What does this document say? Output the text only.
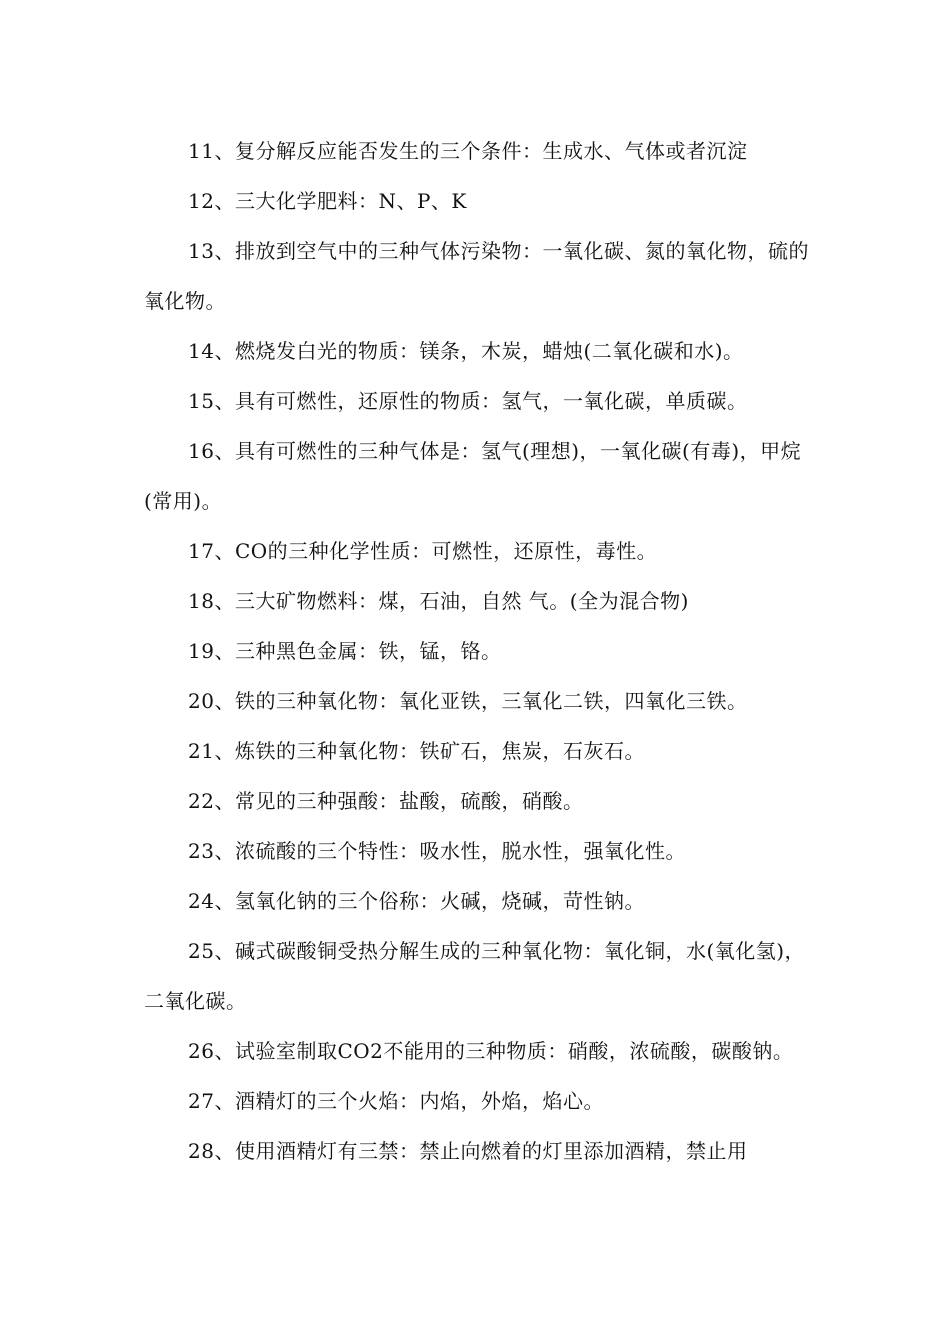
11、复分解反应能否发生的三个条件：生成水、气体或者沉淀

12、三大化学肥料：N、P、K

13、排放到空气中的三种气体污染物：一氧化碳、氮的氧化物，硫的氧化物。

14、燃烧发白光的物质：镁条，木炭，蜡烛(二氧化碳和水)。

15、具有可燃性，还原性的物质：氢气，一氧化碳，单质碳。

16、具有可燃性的三种气体是：氢气(理想)，一氧化碳(有毒)，甲烷(常用)。

17、CO的三种化学性质：可燃性，还原性，毒性。

18、三大矿物燃料：煤，石油，自然 气。(全为混合物)

19、三种黑色金属：铁，锰，铬。

20、铁的三种氧化物：氧化亚铁，三氧化二铁，四氧化三铁。

21、炼铁的三种氧化物：铁矿石，焦炭，石灰石。

22、常见的三种强酸：盐酸，硫酸，硝酸。

23、浓硫酸的三个特性：吸水性，脱水性，强氧化性。

24、氢氧化钠的三个俗称：火碱，烧碱，苛性钠。

25、碱式碳酸铜受热分解生成的三种氧化物：氧化铜，水(氧化氢)，二氧化碳。

26、试验室制取CO2不能用的三种物质：硝酸，浓硫酸，碳酸钠。

27、酒精灯的三个火焰：内焰，外焰，焰心。

28、使用酒精灯有三禁：禁止向燃着的灯里添加酒精，禁止用
